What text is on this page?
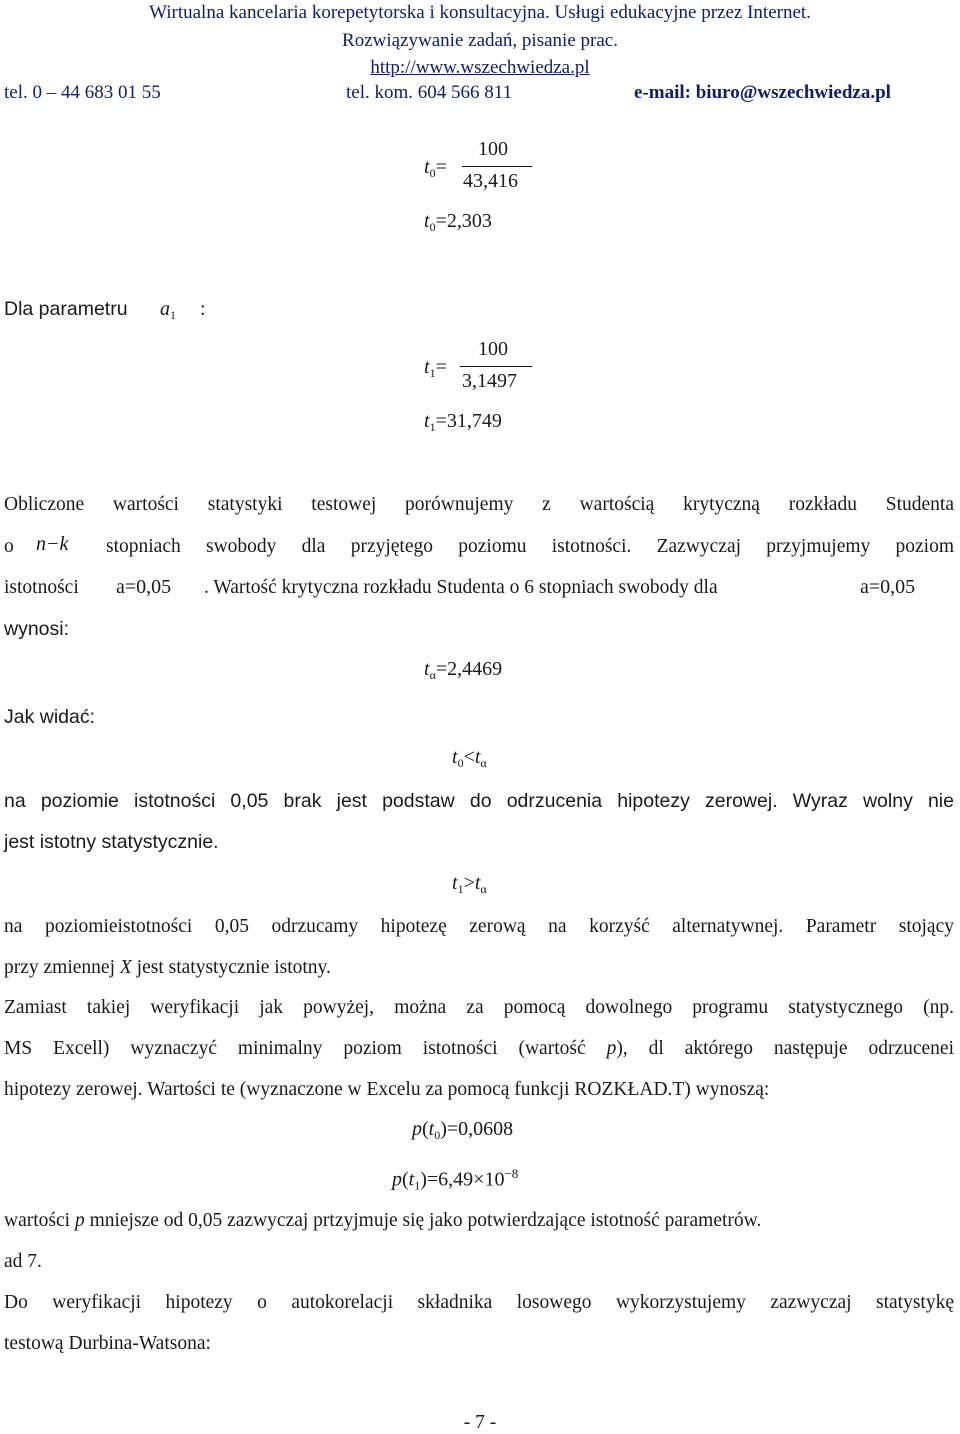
Wirtualna kancelaria korepetytorska i konsultacyjna. Usługi edukacyjne przez Internet.
Rozwiązywanie zadań, pisanie prac.
http://www.wszechwiedza.pl
tel. 0 – 44 683 01 55	tel. kom. 604 566 811	e-mail: biuro@wszechwiedza.pl
$t_0=$
100
43,416
$t_0=2,303$
Dla parametru $a_1$ :
$t_1=$
100
3,1497
$t_1=31,749$
Obliczone wartości statystyki testowej porównujemy z wartością krytyczną rozkładu Studenta
o n−k stopniach swobody dla przyjętego poziomu istotności. Zazwyczaj przyjmujemy poziom
istotności a=0,05 . Wartość krytyczna rozkładu Studenta o 6 stopniach swobody dla	a=0,05
wynosi:
$t_\alpha=2,4469$
Jak widać:
$t_0<t_\alpha$
na poziomie istotności 0,05 brak jest podstaw do odrzucenia hipotezy zerowej. Wyraz wolny nie
jest istotny statystycznie.
$t_1>t_\alpha$
na poziomieistotności 0,05 odrzucamy hipotezę zerową na korzyść alternatywnej. Parametr stojący
przy zmiennej X jest statystycznie istotny.
Zamiast takiej weryfikacji jak powyżej, można za pomocą dowolnego programu statystycznego (np.
MS Excell) wyznaczyć minimalny poziom istotności (wartość p), dl aktórego następuje odrzucenei
hipotezy zerowej. Wartości te (wyznaczone w Excelu za pomocą funkcji ROZKŁAD.T) wynoszą:
$p(t_0)=0,0608$
$p(t_1)=6,49\times 10^{-8}$
wartości p mniejsze od 0,05 zazwyczaj prtzyjmuje się jako potwierdzające istotność parametrów.
ad 7.
Do weryfikacji hipotezy o autokorelacji składnika losowego wykorzystujemy zazwyczaj statystykę
testową Durbina-Watsona:
- 7 -
